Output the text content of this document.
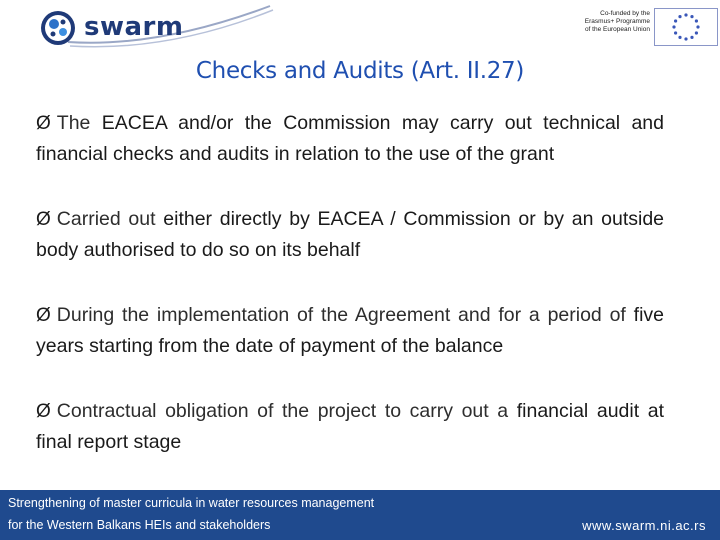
swarm	Co-funded by the
Erasmus+ Programme
of the European Union
Checks and Audits (Art. II.27)
Ø The EACEA and/or the Commission may carry out technical and financial checks and audits in relation to the use of the grant
Ø Carried out either directly by EACEA / Commission or by an outside body authorised to do so on its behalf
Ø During the implementation of the Agreement and for a period of five years starting from the date of payment of the balance
Ø Contractual obligation of the project to carry out a financial audit at final report stage
Strengthening of master curricula in water resources management
for the Western Balkans HEIs and stakeholders	www.swarm.ni.ac.rs
